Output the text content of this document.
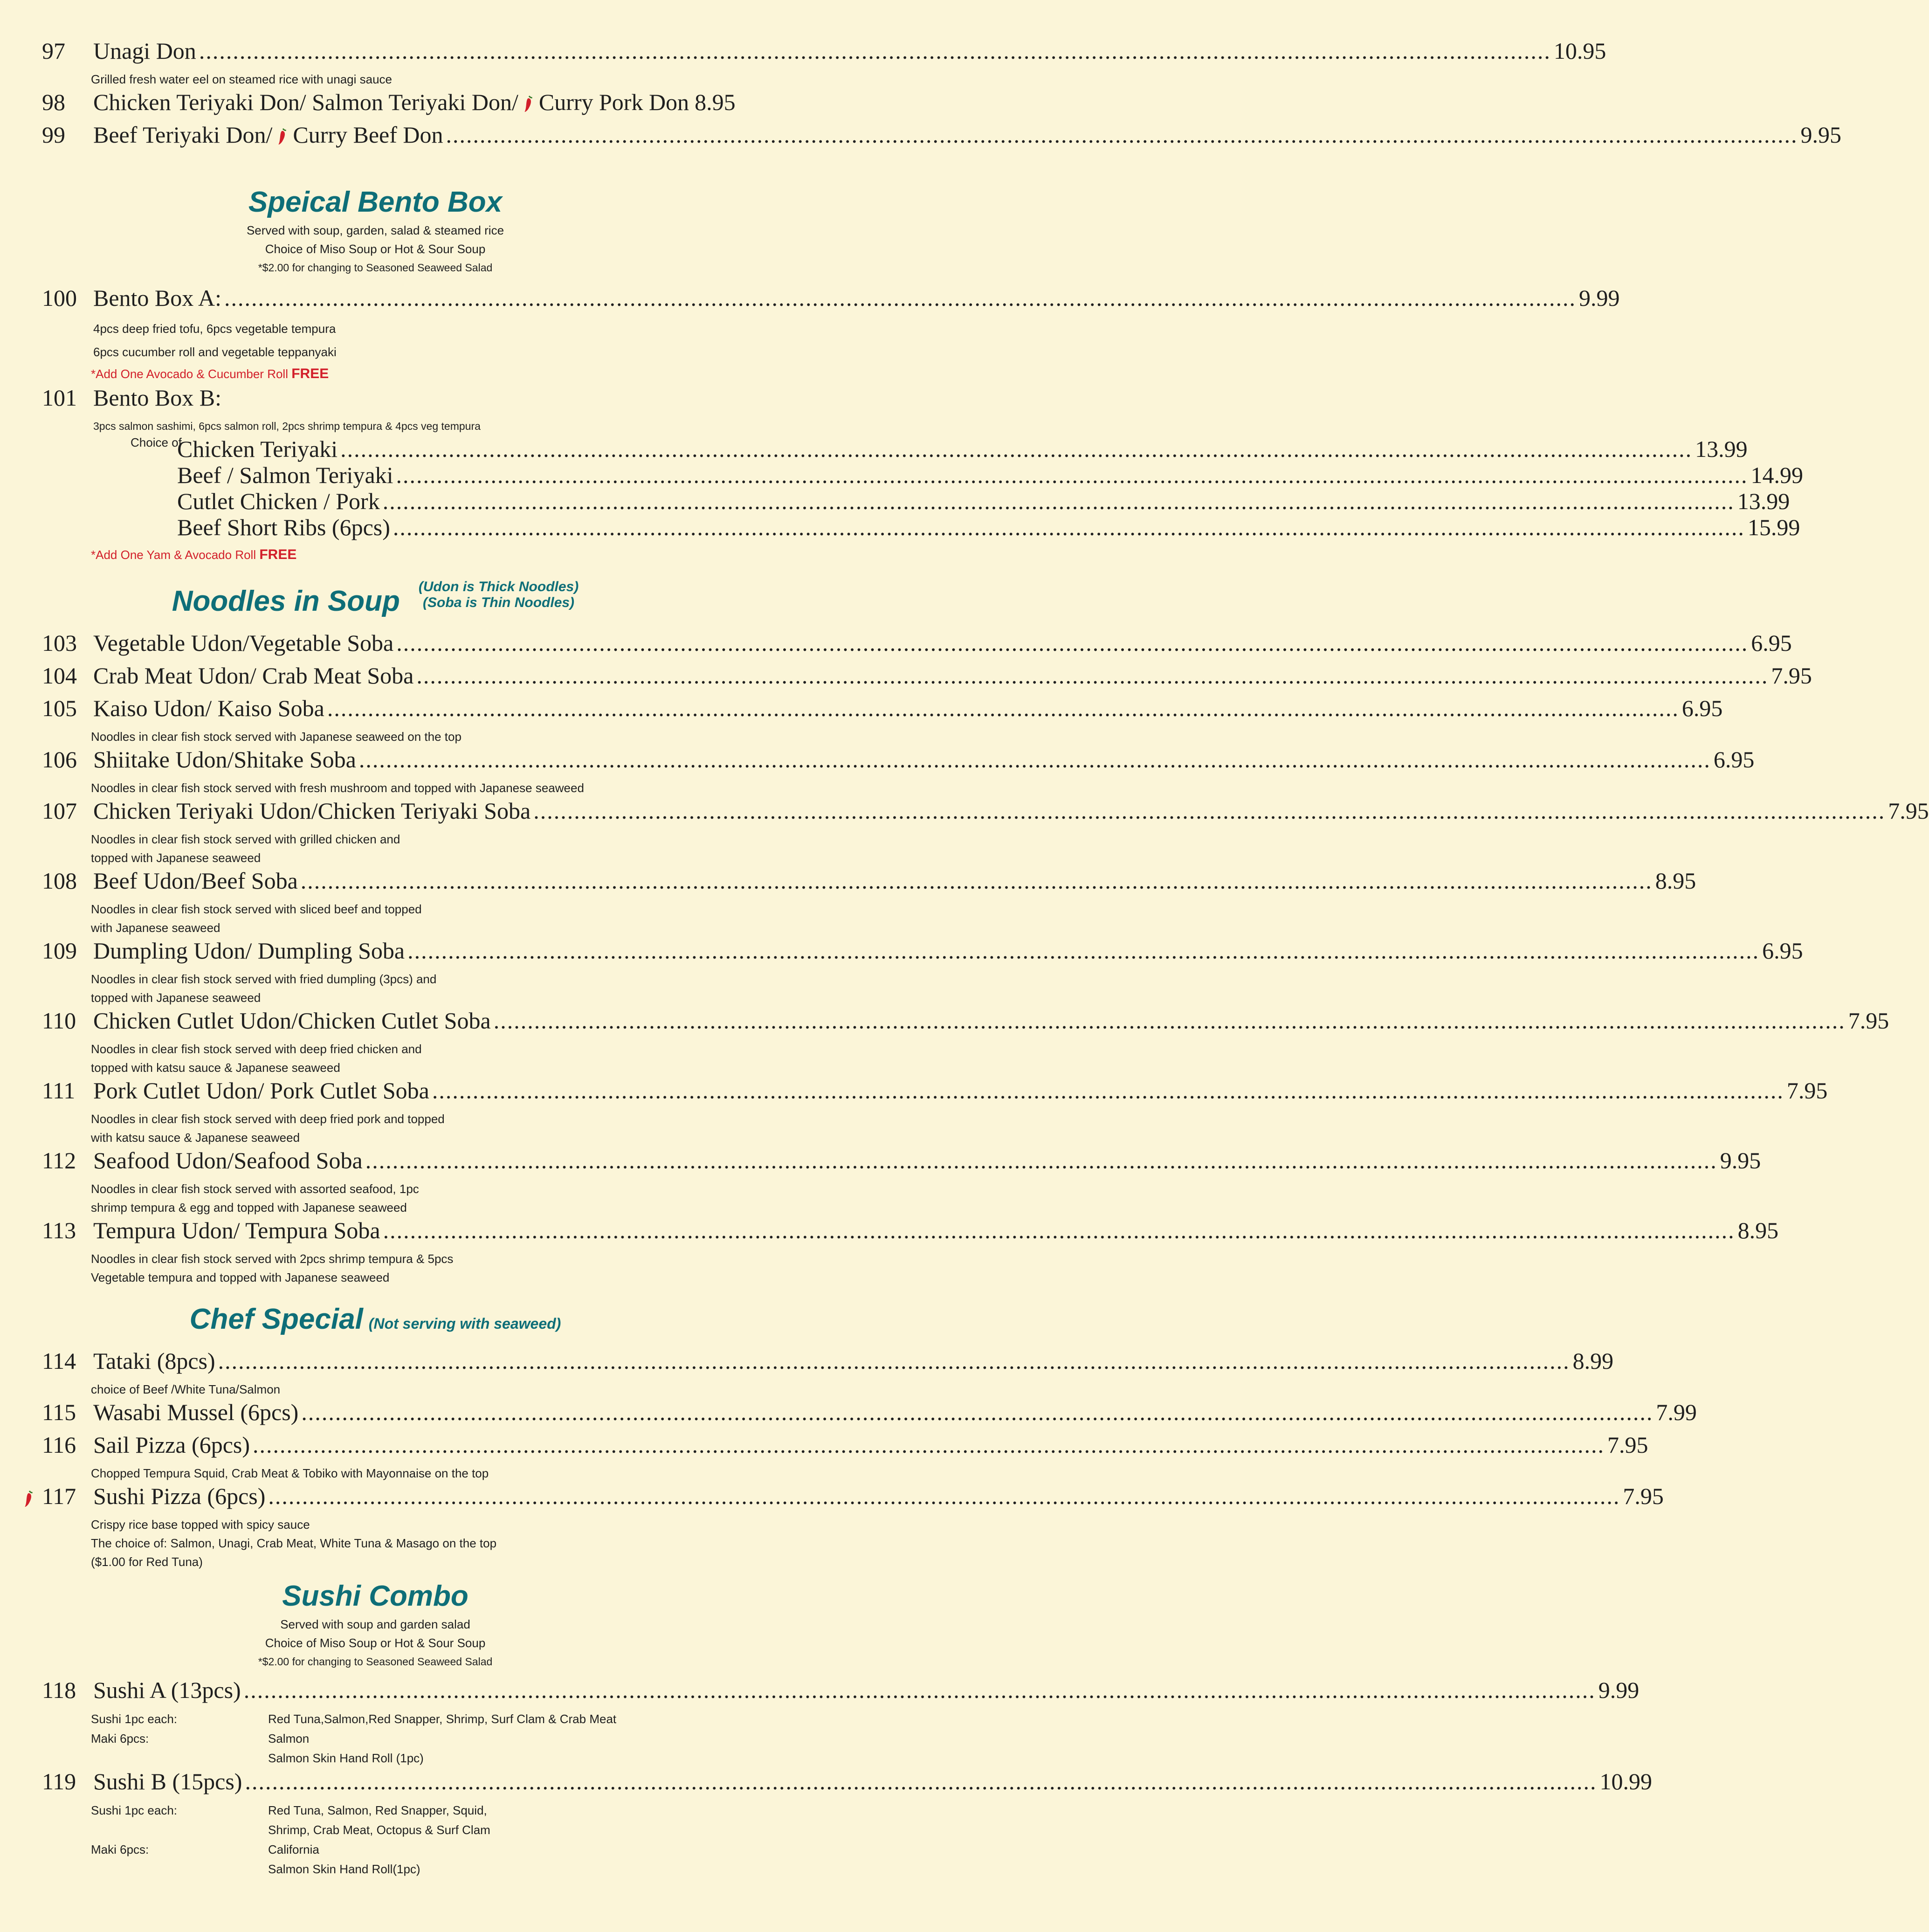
97	Unagi Don ........................................................................................................................................................................................................ 10.95
Grilled fresh water eel on steamed rice with unagi sauce
98	Chicken Teriyaki Don/ Salmon Teriyaki Don/ Curry Pork Don 8.95
99	Beef Teriyaki Don/ Curry Beef Don ........................................................................................................................................................................................................ 9.95
Speical Bento Box
Served with soup, garden, salad & steamed rice
Choice of Miso Soup or Hot & Sour Soup
*$2.00 for changing to Seasoned Seaweed Salad
100 Bento Box A: ........................................................................................................................................................................................................ 9.99
4pcs deep fried tofu, 6pcs vegetable tempura
6pcs cucumber roll and vegetable teppanyaki
*Add One Avocado & Cucumber Roll FREE
101 Bento Box B:
3pcs salmon sashimi, 6pcs salmon roll, 2pcs shrimp tempura & 4pcs veg tempura
Choice of
Chicken Teriyaki ........................................................................................................................................................................................................ 13.99
Beef / Salmon Teriyaki ........................................................................................................................................................................................................ 14.99
Cutlet Chicken / Pork ........................................................................................................................................................................................................ 13.99
Beef Short Ribs (6pcs) ........................................................................................................................................................................................................ 15.99
*Add One Yam & Avocado Roll FREE
Noodles in Soup (Udon is Thick Noodles)
(Soba is Thin Noodles)
103 Vegetable Udon/Vegetable Soba ........................................................................................................................................................................................................ 6.95
104 Crab Meat Udon/ Crab Meat Soba ........................................................................................................................................................................................................ 7.95
105 Kaiso Udon/ Kaiso Soba ........................................................................................................................................................................................................ 6.95
Noodles in clear fish stock served with Japanese seaweed on the top
106 Shiitake Udon/Shitake Soba ........................................................................................................................................................................................................ 6.95
Noodles in clear fish stock served with fresh mushroom and topped with Japanese seaweed
107 Chicken Teriyaki Udon/Chicken Teriyaki Soba ........................................................................................................................................................................................................ 7.95
Noodles in clear fish stock served with grilled chicken and
topped with Japanese seaweed
108 Beef Udon/Beef Soba ........................................................................................................................................................................................................ 8.95
Noodles in clear fish stock served with sliced beef and topped
with Japanese seaweed
109 Dumpling Udon/ Dumpling Soba ........................................................................................................................................................................................................ 6.95
Noodles in clear fish stock served with fried dumpling (3pcs) and
topped with Japanese seaweed
110 Chicken Cutlet Udon/Chicken Cutlet Soba ........................................................................................................................................................................................................ 7.95
Noodles in clear fish stock served with deep fried chicken and
topped with katsu sauce & Japanese seaweed
111 Pork Cutlet Udon/ Pork Cutlet Soba ........................................................................................................................................................................................................ 7.95
Noodles in clear fish stock served with deep fried pork and topped
with katsu sauce & Japanese seaweed
112 Seafood Udon/Seafood Soba ........................................................................................................................................................................................................ 9.95
Noodles in clear fish stock served with assorted seafood, 1pc
shrimp tempura & egg and topped with Japanese seaweed
113 Tempura Udon/ Tempura Soba ........................................................................................................................................................................................................ 8.95
Noodles in clear fish stock served with 2pcs shrimp tempura & 5pcs
Vegetable tempura and topped with Japanese seaweed
Chef Special (Not serving with seaweed)
114 Tataki (8pcs) ........................................................................................................................................................................................................ 8.99
choice of Beef /White Tuna/Salmon
115 Wasabi Mussel (6pcs) ........................................................................................................................................................................................................ 7.99
116 Sail Pizza (6pcs) ........................................................................................................................................................................................................ 7.95
Chopped Tempura Squid, Crab Meat & Tobiko with Mayonnaise on the top
117 Sushi Pizza (6pcs) ........................................................................................................................................................................................................ 7.95
Crispy rice base topped with spicy sauce
The choice of: Salmon, Unagi, Crab Meat, White Tuna & Masago on the top
($1.00 for Red Tuna)
Sushi Combo
Served with soup and garden salad
Choice of Miso Soup or Hot & Sour Soup
*$2.00 for changing to Seasoned Seaweed Salad
118 Sushi A (13pcs) ........................................................................................................................................................................................................ 9.99
Sushi 1pc each:	Red Tuna,Salmon,Red Snapper, Shrimp, Surf Clam & Crab Meat
Maki 6pcs:	Salmon
Salmon Skin Hand Roll (1pc)
119 Sushi B (15pcs) ........................................................................................................................................................................................................ 10.99
Sushi 1pc each:	Red Tuna, Salmon, Red Snapper, Squid,
Shrimp, Crab Meat, Octopus & Surf Clam
Maki 6pcs:	California
Salmon Skin Hand Roll(1pc)
